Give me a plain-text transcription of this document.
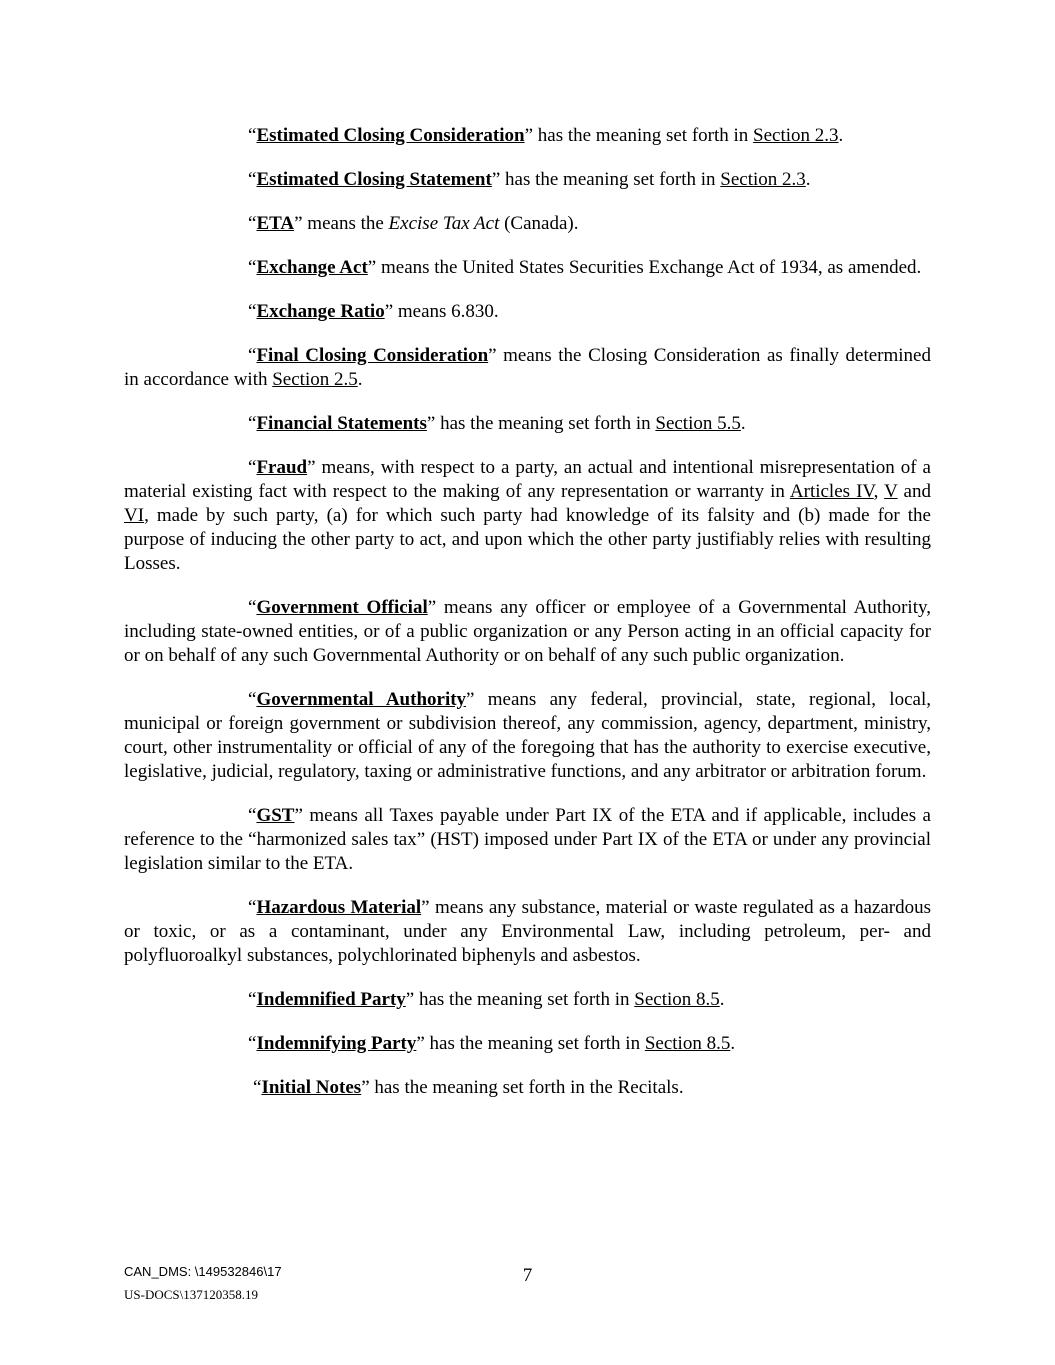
“Estimated Closing Consideration” has the meaning set forth in Section 2.3.

“Estimated Closing Statement” has the meaning set forth in Section 2.3.

“ETA” means the Excise Tax Act (Canada).

“Exchange Act” means the United States Securities Exchange Act of 1934, as amended.

“Exchange Ratio” means 6.830.

“Final Closing Consideration” means the Closing Consideration as finally determined in accordance with Section 2.5.

“Financial Statements” has the meaning set forth in Section 5.5.

“Fraud” means, with respect to a party, an actual and intentional misrepresentation of a material existing fact with respect to the making of any representation or warranty in Articles IV, V and VI, made by such party, (a) for which such party had knowledge of its falsity and (b) made for the purpose of inducing the other party to act, and upon which the other party justifiably relies with resulting Losses.

“Government Official” means any officer or employee of a Governmental Authority, including state-owned entities, or of a public organization or any Person acting in an official capacity for or on behalf of any such Governmental Authority or on behalf of any such public organization.

“Governmental Authority” means any federal, provincial, state, regional, local, municipal or foreign government or subdivision thereof, any commission, agency, department, ministry, court, other instrumentality or official of any of the foregoing that has the authority to exercise executive, legislative, judicial, regulatory, taxing or administrative functions, and any arbitrator or arbitration forum.

“GST” means all Taxes payable under Part IX of the ETA and if applicable, includes a reference to the “harmonized sales tax” (HST) imposed under Part IX of the ETA or under any provincial legislation similar to the ETA.

“Hazardous Material” means any substance, material or waste regulated as a hazardous or toxic, or as a contaminant, under any Environmental Law, including petroleum, per- and polyfluoroalkyl substances, polychlorinated biphenyls and asbestos.

“Indemnified Party” has the meaning set forth in Section 8.5.

“Indemnifying Party” has the meaning set forth in Section 8.5.

“Initial Notes” has the meaning set forth in the Recitals.

CAN_DMS: \149532846\17	7
US-DOCS\137120358.19
